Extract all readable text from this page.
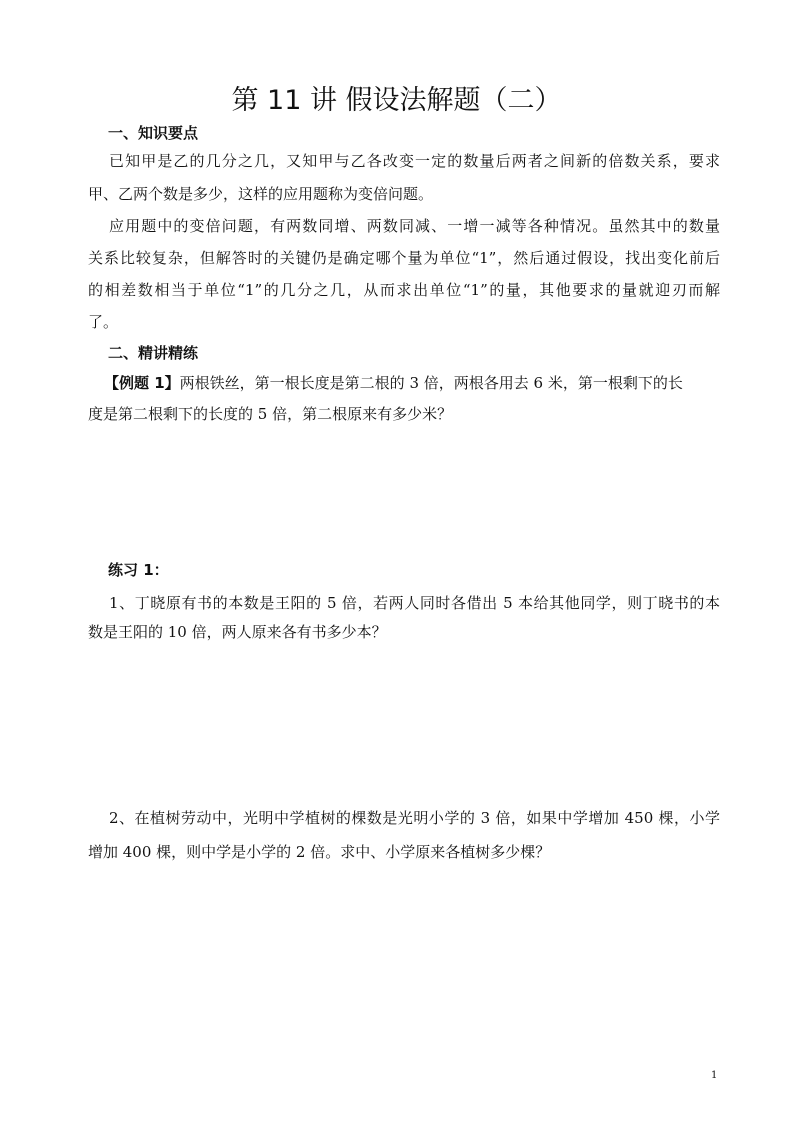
第 11 讲 假设法解题（二）
一、知识要点
已知甲是乙的几分之几，又知甲与乙各改变一定的数量后两者之间新的倍数关系，要求
甲、乙两个数是多少，这样的应用题称为变倍问题。
应用题中的变倍问题，有两数同增、两数同减、一增一减等各种情况。虽然其中的数量
关系比较复杂，但解答时的关键仍是确定哪个量为单位“1”，然后通过假设，找出变化前后
的相差数相当于单位“1”的几分之几，从而求出单位“1”的量，其他要求的量就迎刃而解
了。
二、精讲精练
【例题 1】两根铁丝，第一根长度是第二根的 3 倍，两根各用去 6 米，第一根剩下的长
度是第二根剩下的长度的 5 倍，第二根原来有多少米？
练习 1：
1、丁晓原有书的本数是王阳的 5 倍，若两人同时各借出 5 本给其他同学，则丁晓书的本
数是王阳的 10 倍，两人原来各有书多少本？
2、在植树劳动中，光明中学植树的棵数是光明小学的 3 倍，如果中学增加 450 棵，小学
增加 400 棵，则中学是小学的 2 倍。求中、小学原来各植树多少棵？
1
